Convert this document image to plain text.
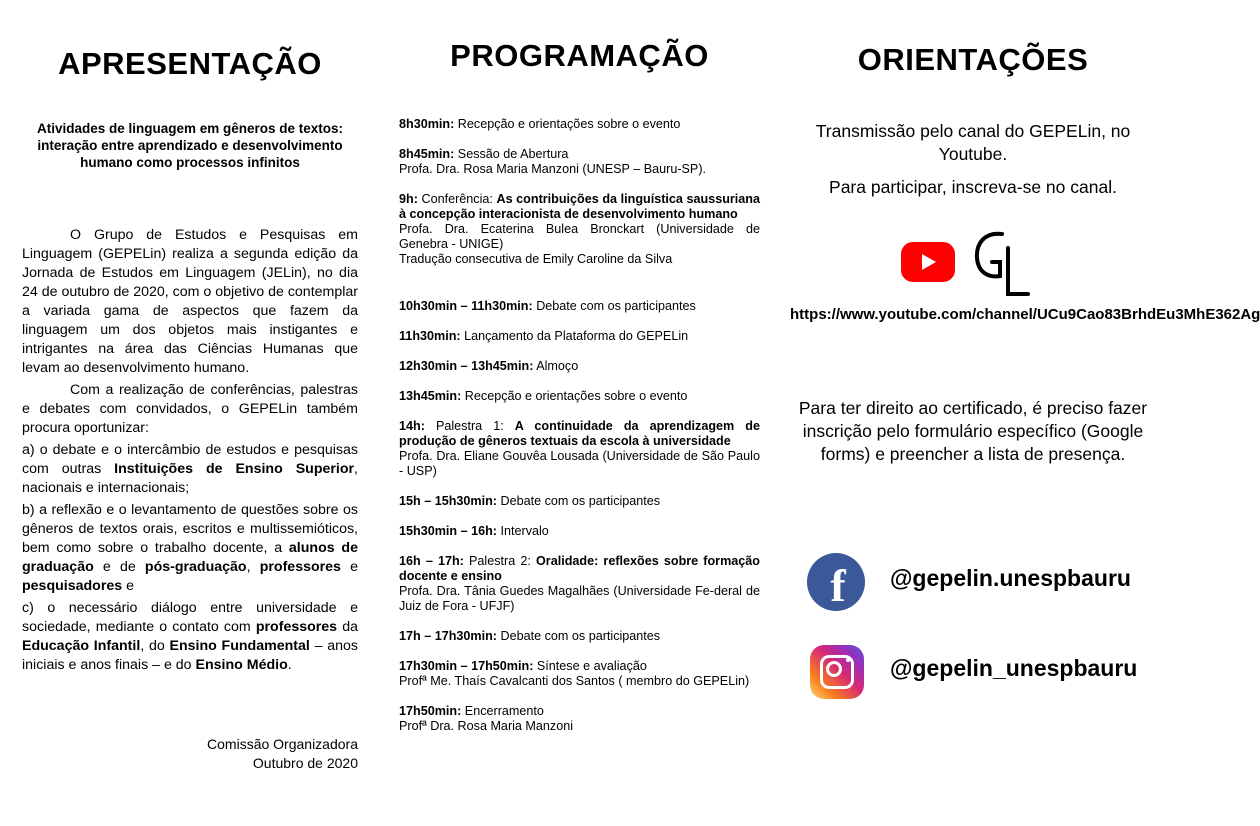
APRESENTAÇÃO
Atividades de linguagem em gêneros de textos: interação entre aprendizado e desenvolvimento humano como processos infinitos

O Grupo de Estudos e Pesquisas em Linguagem (GEPELin) realiza a segunda edição da Jornada de Estudos em Linguagem (JELin), no dia 24 de outubro de 2020, com o objetivo de contemplar a variada gama de aspectos que fazem da linguagem um dos objetos mais instigantes e intrigantes na área das Ciências Humanas que levam ao desenvolvimento humano.

Com a realização de conferências, palestras e debates com convidados, o GEPELin também procura oportunizar:

a) o debate e o intercâmbio de estudos e pesquisas com outras Instituições de Ensino Superior, nacionais e internacionais;

b) a reflexão e o levantamento de questões sobre os gêneros de textos orais, escritos e multissemióticos, bem como sobre o trabalho docente, a alunos de graduação e de pós-graduação, professores e pesquisadores e

c) o necessário diálogo entre universidade e sociedade, mediante o contato com professores da Educação Infantil, do Ensino Fundamental – anos iniciais e anos finais – e do Ensino Médio.

Comissão Organizadora
Outubro de 2020
PROGRAMAÇÃO
8h30min: Recepção e orientações sobre o evento
8h45min: Sessão de Abertura
Profa. Dra. Rosa Maria Manzoni (UNESP – Bauru-SP).
9h: Conferência: As contribuições da linguística saussuriana à concepção interacionista de desenvolvimento humano
Profa. Dra. Ecaterina Bulea Bronckart (Universidade de Genebra - UNIGE)
Tradução consecutiva de Emily Caroline da Silva
10h30min – 11h30min: Debate com os participantes
11h30min: Lançamento da Plataforma do GEPELin
12h30min – 13h45min: Almoço
13h45min: Recepção e orientações sobre o evento
14h: Palestra 1: A continuidade da aprendizagem de produção de gêneros textuais da escola à universidade
Profa. Dra. Eliane Gouvêa Lousada (Universidade de São Paulo - USP)
15h – 15h30min: Debate com os participantes
15h30min – 16h: Intervalo
16h – 17h: Palestra 2: Oralidade: reflexões sobre formação docente e ensino
Profa. Dra. Tânia Guedes Magalhães (Universidade Fe-deral de Juiz de Fora - UFJF)
17h – 17h30min: Debate com os participantes
17h30min – 17h50min: Síntese e avaliação
Profª Me. Thaís Cavalcanti dos Santos ( membro do GEPELin)
17h50min: Encerramento
Profª Dra. Rosa Maria Manzoni
ORIENTAÇÕES
Transmissão pelo canal do GEPELin, no Youtube.
Para participar, inscreva-se no canal.
https://www.youtube.com/channel/UCu9Cao83BrhdEu3MhE362Ag
Para ter direito ao certificado, é preciso fazer inscrição pelo formulário específico (Google forms) e preencher a lista de presença.
f	@gepelin.unespbauru
@gepelin_unespbauru
